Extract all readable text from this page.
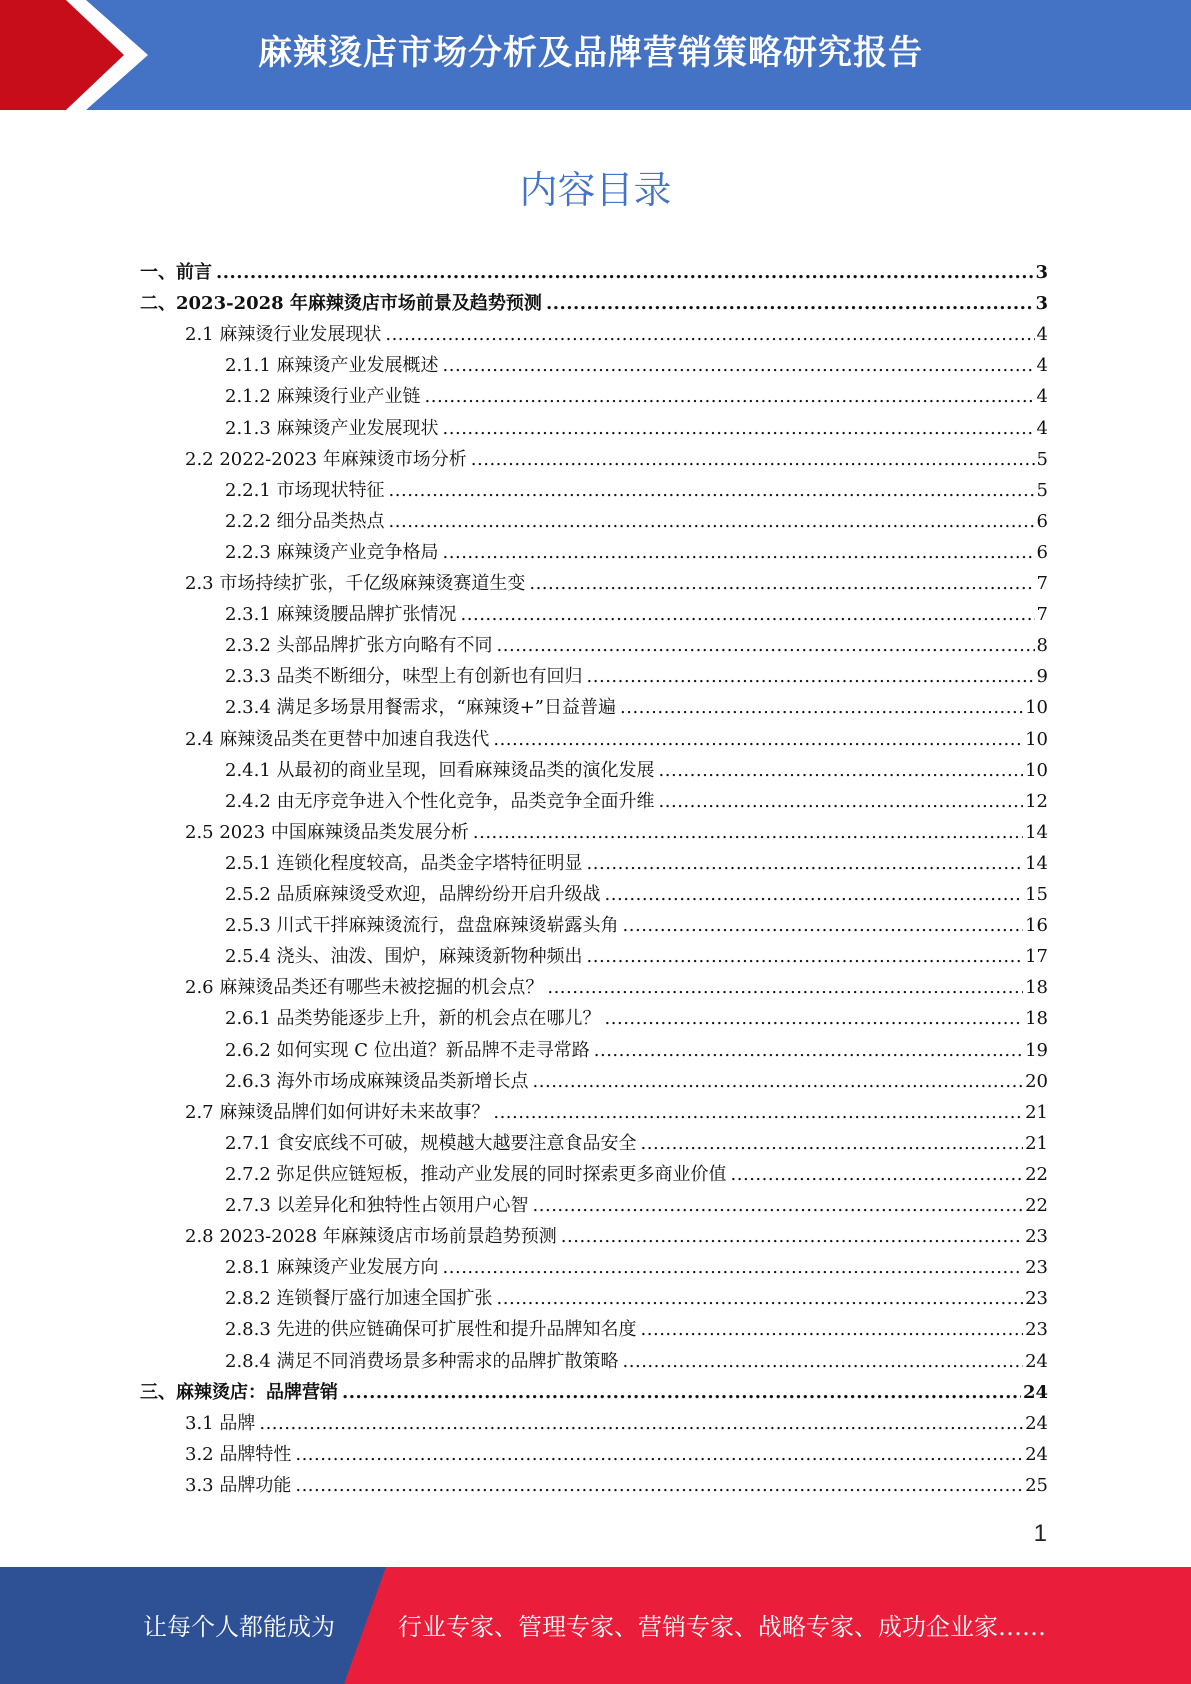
麻辣烫店市场分析及品牌营销策略研究报告
内容目录
一、前言 .....	3
二、2023-2028 年麻辣烫店市场前景及趋势预测 .....	3
2.1 麻辣烫行业发展现状 .....	4
2.1.1 麻辣烫产业发展概述 .....	4
2.1.2 麻辣烫行业产业链 .....	4
2.1.3 麻辣烫产业发展现状 .....	4
2.2 2022-2023 年麻辣烫市场分析 .....	5
2.2.1 市场现状特征 .....	5
2.2.2 细分品类热点 .....	6
2.2.3 麻辣烫产业竞争格局 .....	6
2.3 市场持续扩张，千亿级麻辣烫赛道生变 .....	7
2.3.1 麻辣烫腰品牌扩张情况 .....	7
2.3.2 头部品牌扩张方向略有不同 .....	8
2.3.3 品类不断细分，味型上有创新也有回归 .....	9
2.3.4 满足多场景用餐需求，“麻辣烫+”日益普遍 .....	10
2.4 麻辣烫品类在更替中加速自我迭代 .....	10
2.4.1 从最初的商业呈现，回看麻辣烫品类的演化发展 .....	10
2.4.2 由无序竞争进入个性化竞争，品类竞争全面升维 .....	12
2.5 2023 中国麻辣烫品类发展分析 .....	14
2.5.1 连锁化程度较高，品类金字塔特征明显 .....	14
2.5.2 品质麻辣烫受欢迎，品牌纷纷开启升级战 .....	15
2.5.3 川式干拌麻辣烫流行，盘盘麻辣烫崭露头角 .....	16
2.5.4 浇头、油泼、围炉，麻辣烫新物种频出 .....	17
2.6 麻辣烫品类还有哪些未被挖掘的机会点？ .....	18
2.6.1 品类势能逐步上升，新的机会点在哪儿？ .....	18
2.6.2 如何实现 C 位出道？新品牌不走寻常路 .....	19
2.6.3 海外市场成麻辣烫品类新增长点 .....	20
2.7 麻辣烫品牌们如何讲好未来故事？ .....	21
2.7.1 食安底线不可破，规模越大越要注意食品安全 .....	21
2.7.2 弥足供应链短板，推动产业发展的同时探索更多商业价值 .....	22
2.7.3 以差异化和独特性占领用户心智 .....	22
2.8 2023-2028 年麻辣烫店市场前景趋势预测 .....	23
2.8.1 麻辣烫产业发展方向 .....	23
2.8.2 连锁餐厅盛行加速全国扩张 .....	23
2.8.3 先进的供应链确保可扩展性和提升品牌知名度 .....	23
2.8.4 满足不同消费场景多种需求的品牌扩散策略 .....	24
三、麻辣烫店：品牌营销 .....	24
3.1 品牌 .....	24
3.2 品牌特性 .....	24
3.3 品牌功能 .....	25
1
让每个人都能成为	行业专家、管理专家、营销专家、战略专家、成功企业家……
